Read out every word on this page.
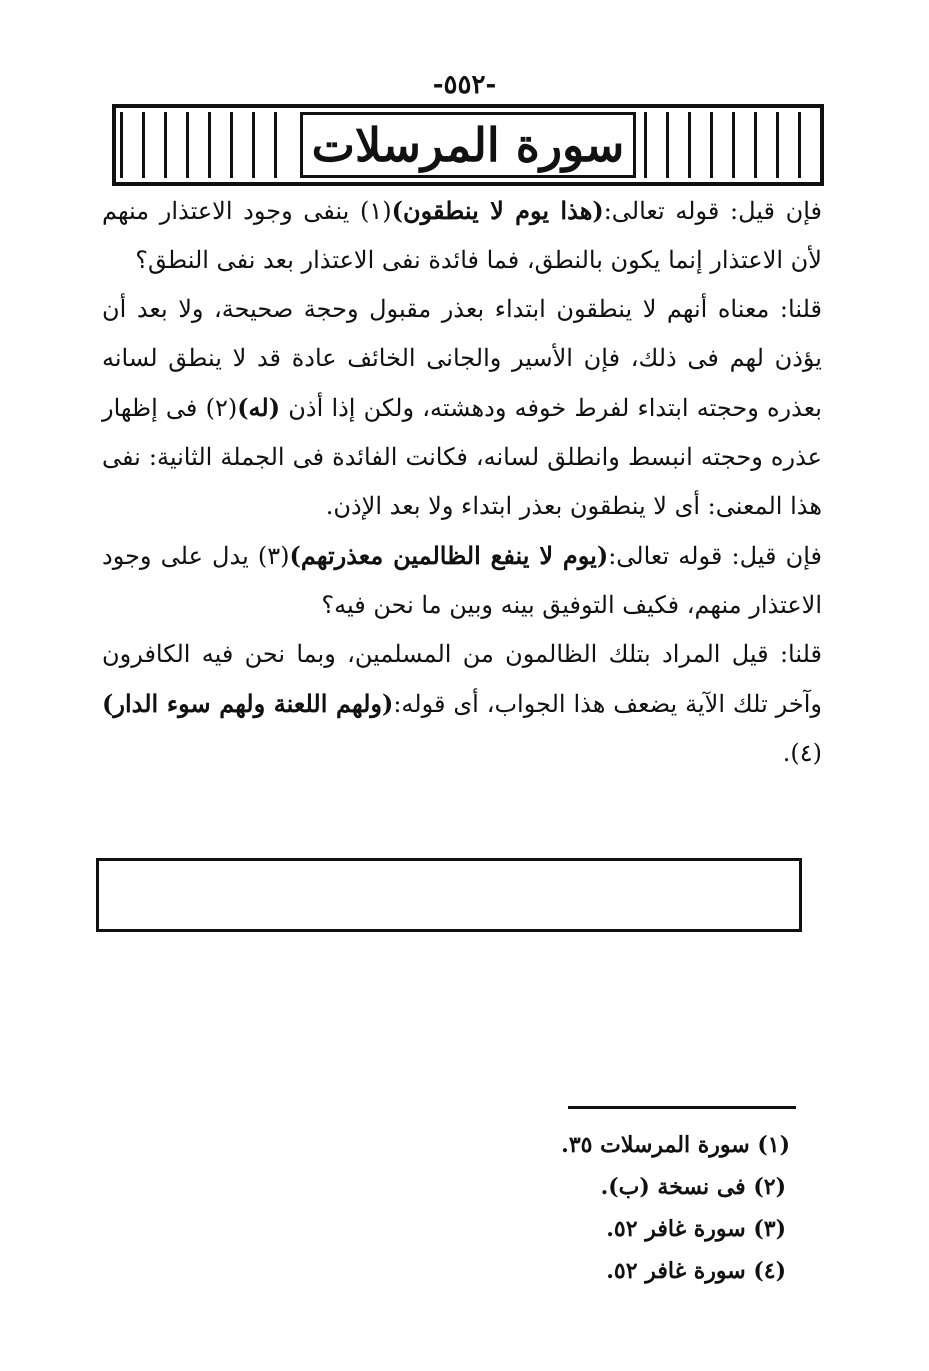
-٥٥٢-
سورة المرسلات

فإن قيل: قوله تعالى:(هذا يوم لا ينطقون)(١) ينفى وجود الاعتذار منهم لأن الاعتذار إنما يكون بالنطق، فما فائدة نفى الاعتذار بعد نفى النطق؟

قلنا: معناه أنهم لا ينطقون ابتداء بعذر مقبول وحجة صحيحة، ولا بعد أن يؤذن لهم فى ذلك، فإن الأسير والجانى الخائف عادة قد لا ينطق لسانه بعذره وحجته ابتداء لفرط خوفه ودهشته، ولكن إذا أذن (له)(٢) فى إظهار عذره وحجته انبسط وانطلق لسانه، فكانت الفائدة فى الجملة الثانية: نفى هذا المعنى: أى لا ينطقون بعذر ابتداء ولا بعد الإذن.

فإن قيل: قوله تعالى:(يوم لا ينفع الظالمين معذرتهم)(٣) يدل على وجود الاعتذار منهم، فكيف التوفيق بينه وبين ما نحن فيه؟

قلنا: قيل المراد بتلك الظالمون من المسلمين، وبما نحن فيه الكافرون وآخر تلك الآية يضعف هذا الجواب، أى قوله:(ولهم اللعنة ولهم سوء الدار)(٤).

(١) سورة المرسلات ٣٥.
(٢) فى نسخة (ب).
(٣) سورة غافر ٥٢.
(٤) سورة غافر ٥٢.
